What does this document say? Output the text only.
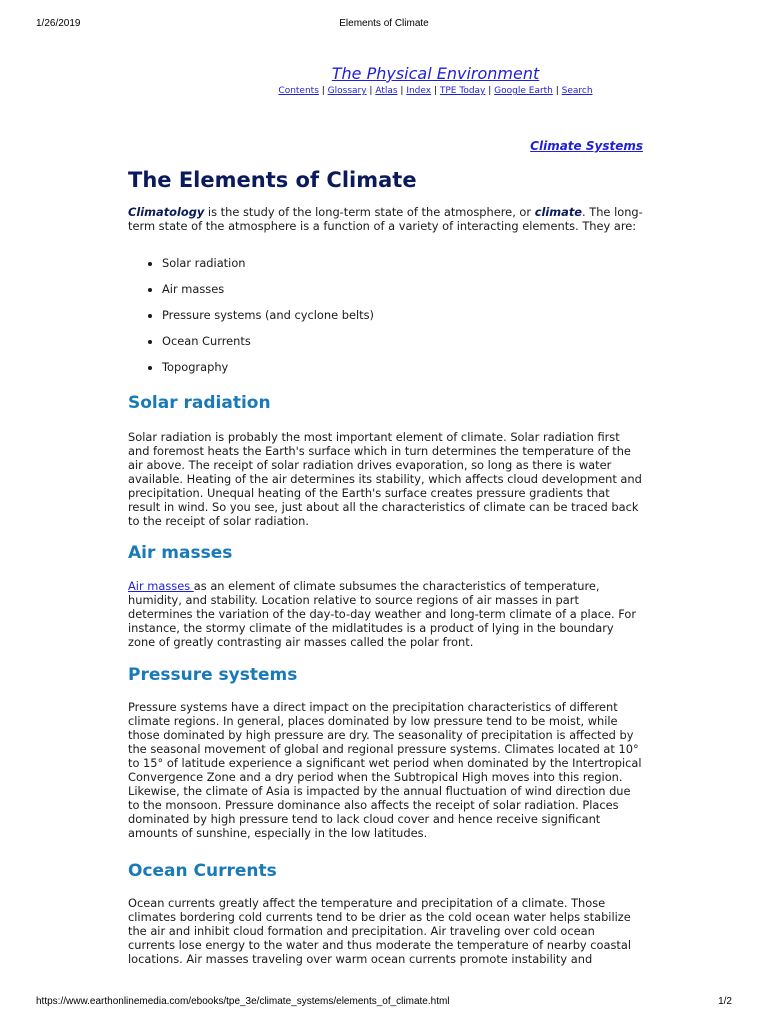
1/26/2019	Elements of Climate
The Physical Environment
Contents | Glossary | Atlas | Index | TPE Today | Google Earth | Search
Climate Systems
The Elements of Climate

Climatology is the study of the long-term state of the atmosphere, or climate. The long-term state of the atmosphere is a function of a variety of interacting elements. They are:

• Solar radiation
• Air masses
• Pressure systems (and cyclone belts)
• Ocean Currents
• Topography
Solar radiation

Solar radiation is probably the most important element of climate. Solar radiation first and foremost heats the Earth's surface which in turn determines the temperature of the air above. The receipt of solar radiation drives evaporation, so long as there is water available. Heating of the air determines its stability, which affects cloud development and precipitation. Unequal heating of the Earth's surface creates pressure gradients that result in wind. So you see, just about all the characteristics of climate can be traced back to the receipt of solar radiation.

Air masses

Air masses as an element of climate subsumes the characteristics of temperature, humidity, and stability. Location relative to source regions of air masses in part determines the variation of the day-to-day weather and long-term climate of a place. For instance, the stormy climate of the midlatitudes is a product of lying in the boundary zone of greatly contrasting air masses called the polar front.

Pressure systems

Pressure systems have a direct impact on the precipitation characteristics of different climate regions. In general, places dominated by low pressure tend to be moist, while those dominated by high pressure are dry. The seasonality of precipitation is affected by the seasonal movement of global and regional pressure systems. Climates located at 10° to 15° of latitude experience a significant wet period when dominated by the Intertropical Convergence Zone and a dry period when the Subtropical High moves into this region. Likewise, the climate of Asia is impacted by the annual fluctuation of wind direction due to the monsoon. Pressure dominance also affects the receipt of solar radiation. Places dominated by high pressure tend to lack cloud cover and hence receive significant amounts of sunshine, especially in the low latitudes.

Ocean Currents

Ocean currents greatly affect the temperature and precipitation of a climate. Those climates bordering cold currents tend to be drier as the cold ocean water helps stabilize the air and inhibit cloud formation and precipitation. Air traveling over cold ocean currents lose energy to the water and thus moderate the temperature of nearby coastal locations. Air masses traveling over warm ocean currents promote instability and

https://www.earthonlinemedia.com/ebooks/tpe_3e/climate_systems/elements_of_climate.html	1/2
